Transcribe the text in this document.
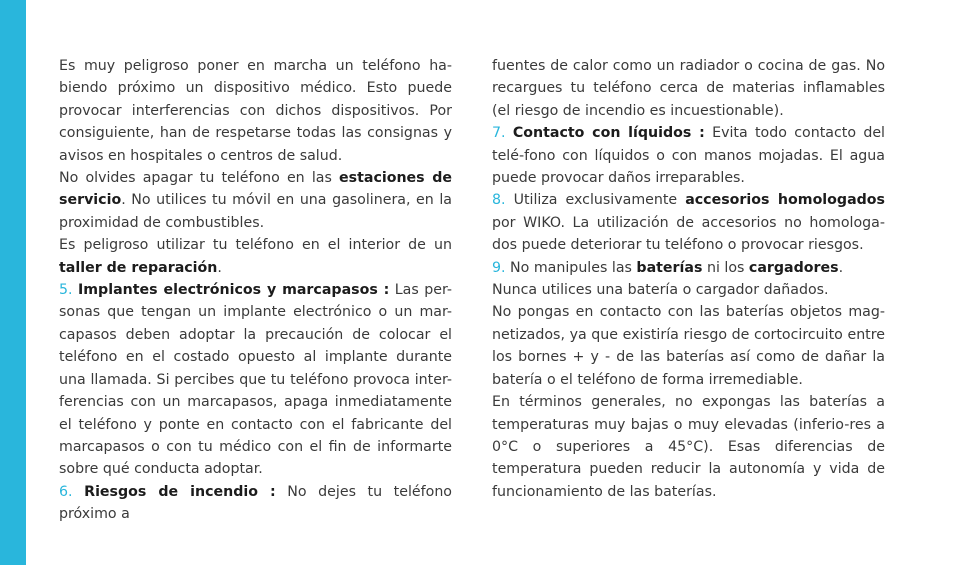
Es muy peligroso poner en marcha un teléfono ha-biendo próximo un dispositivo médico. Esto puede provocar interferencias con dichos dispositivos. Por consiguiente, han de respetarse todas las consignas y avisos en hospitales o centros de salud.

No olvides apagar tu teléfono en las estaciones de servicio. No utilices tu móvil en una gasolinera, en la proximidad de combustibles.

Es peligroso utilizar tu teléfono en el interior de un taller de reparación.

5. Implantes electrónicos y marcapasos : Las per-sonas que tengan un implante electrónico o un mar-capasos deben adoptar la precaución de colocar el teléfono en el costado opuesto al implante durante una llamada. Si percibes que tu teléfono provoca inter-ferencias con un marcapasos, apaga inmediatamente el teléfono y ponte en contacto con el fabricante del marcapasos o con tu médico con el fin de informarte sobre qué conducta adoptar.

6. Riesgos de incendio : No dejes tu teléfono próximo a

fuentes de calor como un radiador o cocina de gas. No recargues tu teléfono cerca de materias inflamables (el riesgo de incendio es incuestionable).

7. Contacto con líquidos : Evita todo contacto del telé-fono con líquidos o con manos mojadas. El agua puede provocar daños irreparables.

8. Utiliza exclusivamente accesorios homologados por WIKO. La utilización de accesorios no homologa-dos puede deteriorar tu teléfono o provocar riesgos.

9. No manipules las baterías ni los cargadores.

Nunca utilices una batería o cargador dañados.

No pongas en contacto con las baterías objetos mag-netizados, ya que existiría riesgo de cortocircuito entre los bornes + y - de las baterías así como de dañar la batería o el teléfono de forma irremediable.

En términos generales, no expongas las baterías a temperaturas muy bajas o muy elevadas (inferio-res a 0°C o superiores a 45°C). Esas diferencias de temperatura pueden reducir la autonomía y vida de funcionamiento de las baterías.
